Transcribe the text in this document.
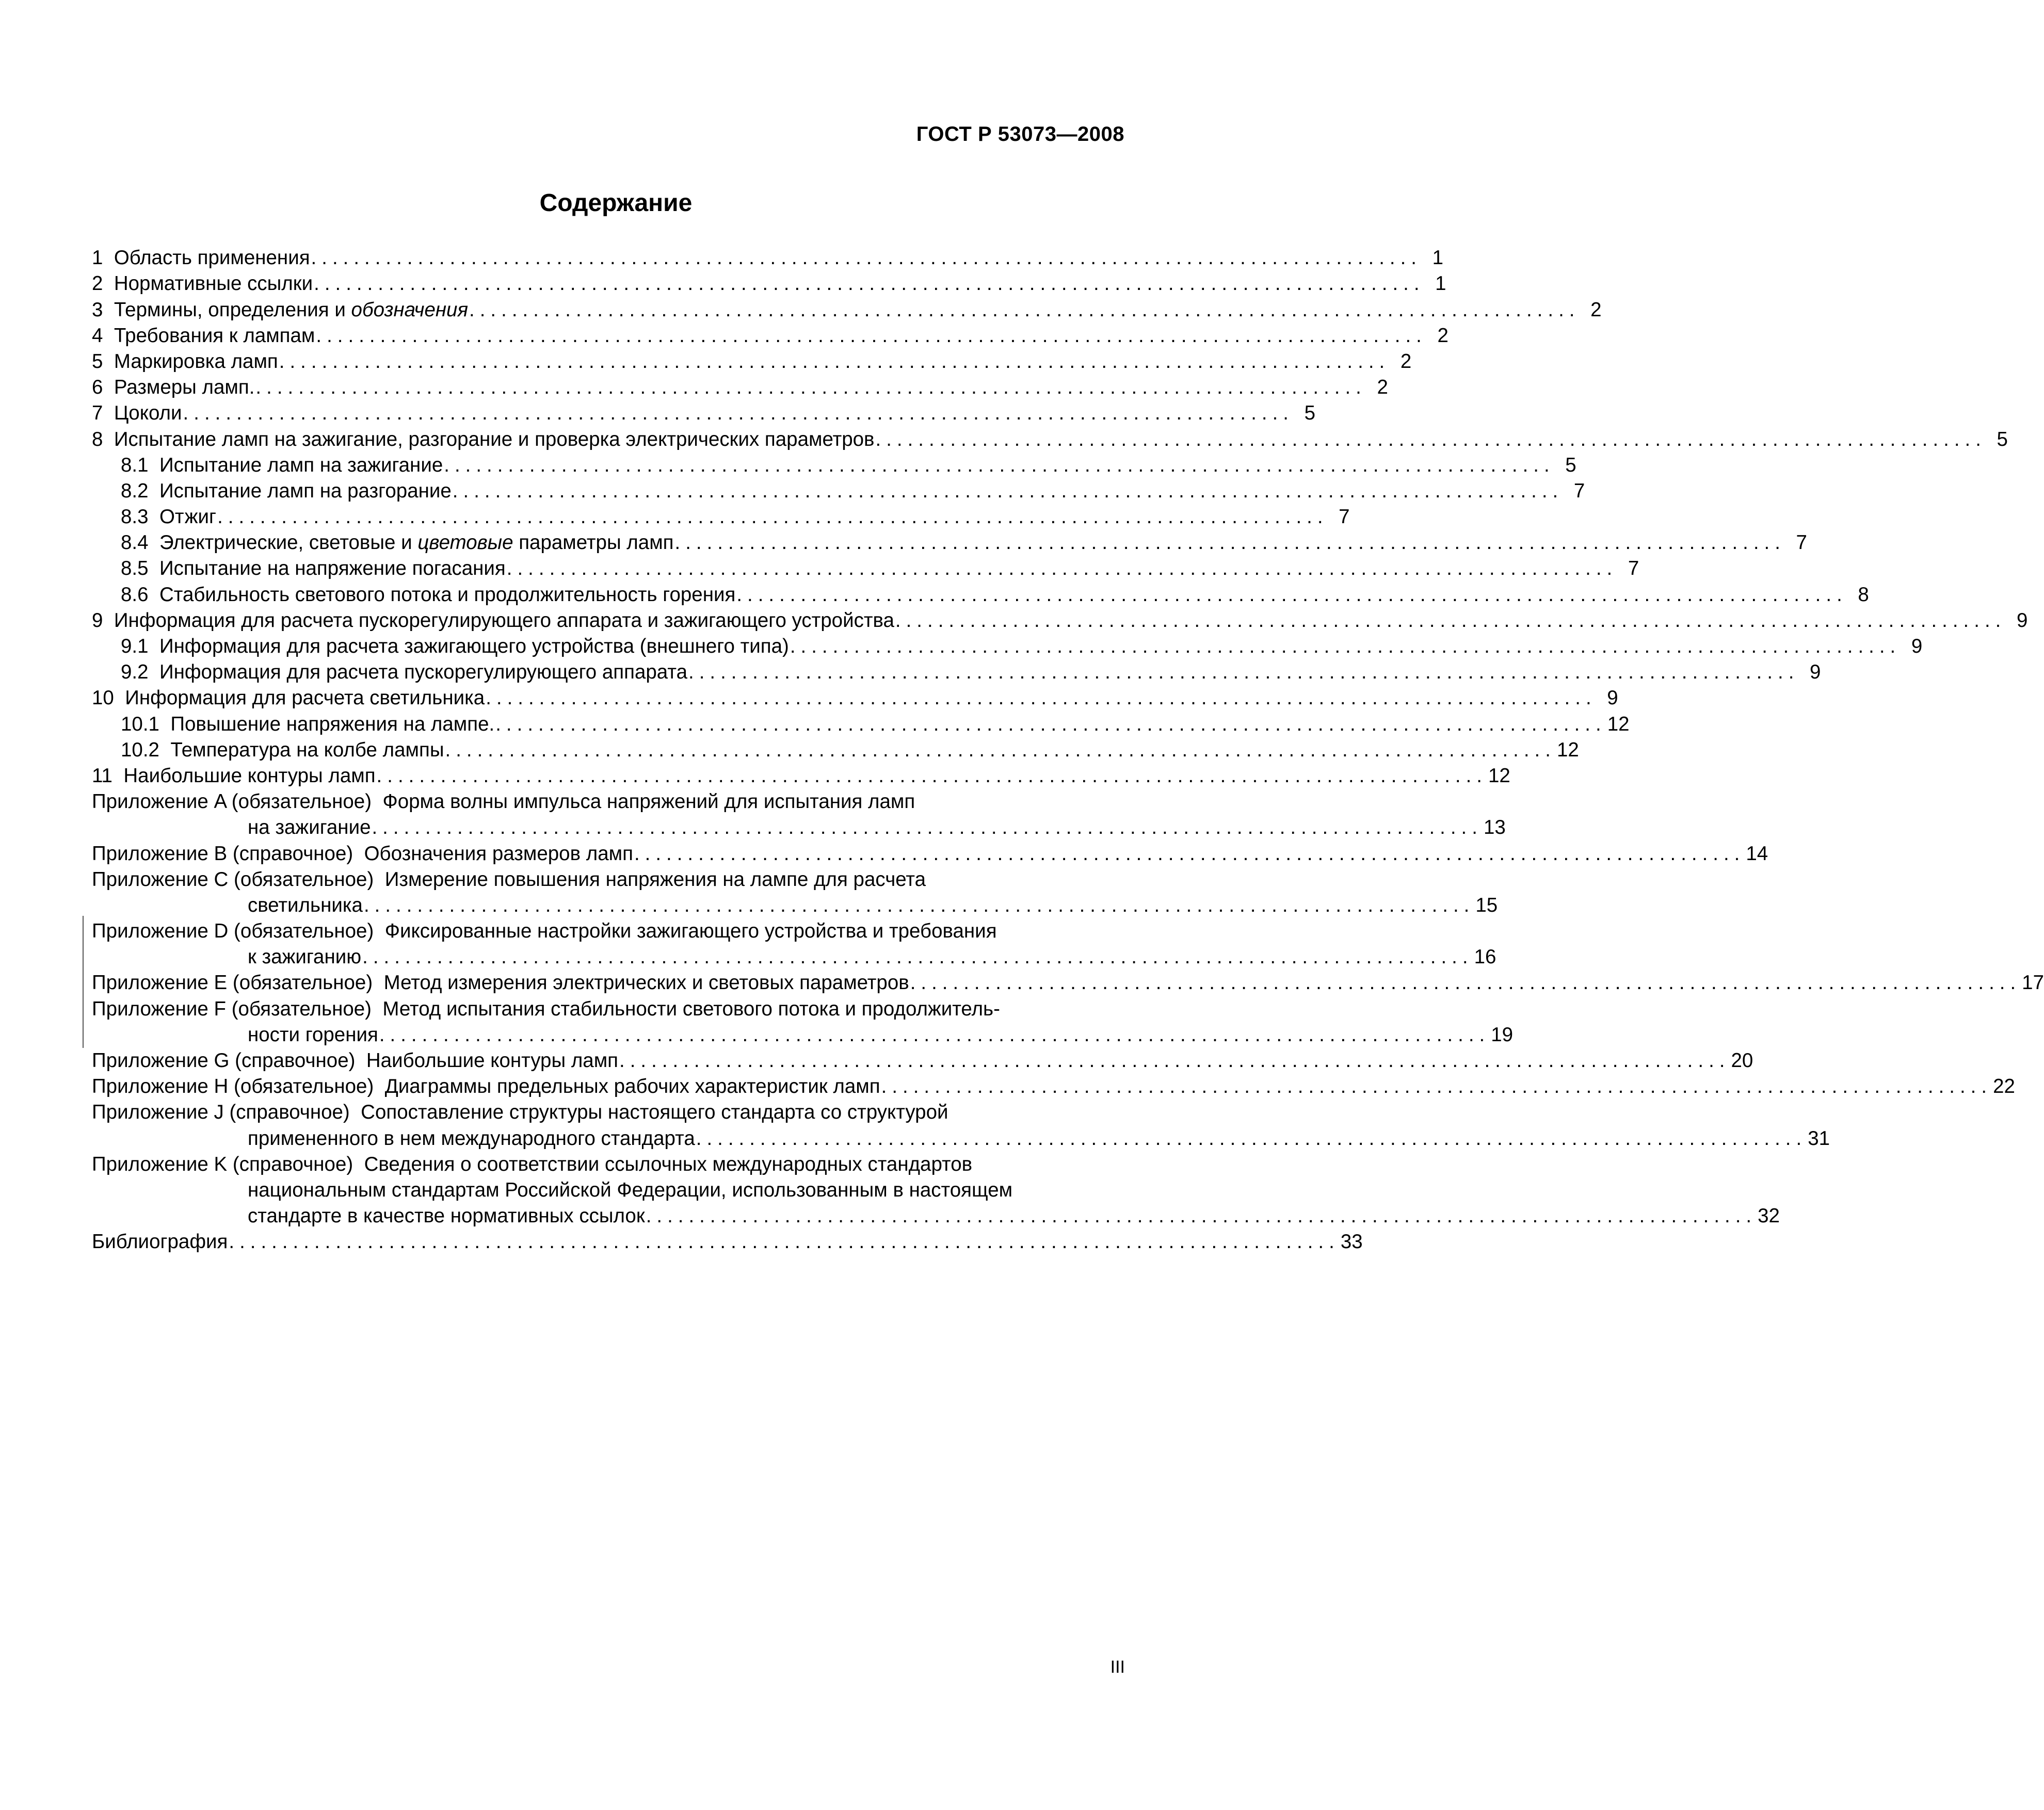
ГОСТ Р 53073—2008
Содержание
1
Область применения ........................................................................................................ 1
2
Нормативные ссылки ........................................................................................................ 1
3
Термины, определения и обозначения ........................................................................................................ 2
4
Требования к лампам ........................................................................................................ 2
5
Маркировка ламп ........................................................................................................ 2
6
Размеры ламп. ........................................................................................................ 2
7
Цоколи ........................................................................................................ 5
8
Испытание ламп на зажигание, разгорание и проверка электрических параметров ........................................................................................................ 5
8.1
Испытание ламп на зажигание ........................................................................................................ 5
8.2
Испытание ламп на разгорание ........................................................................................................ 7
8.3
Отжиг ........................................................................................................ 7
8.4
Электрические, световые и цветовые параметры ламп ........................................................................................................ 7
8.5
Испытание на напряжение погасания ........................................................................................................ 7
8.6
Стабильность светового потока и продолжительность горения ........................................................................................................ 8
9
Информация для расчета пускорегулирующего аппарата и зажигающего устройства ........................................................................................................ 9
9.1
Информация для расчета зажигающего устройства (внешнего типа) ........................................................................................................ 9
9.2
Информация для расчета пускорегулирующего аппарата ........................................................................................................ 9
10
Информация для расчета светильника ........................................................................................................ 9
10.1
Повышение напряжения на лампе. ........................................................................................................ 12
10.2
Температура на колбе лампы ........................................................................................................ 12
11
Наибольшие контуры ламп ........................................................................................................ 12
Приложение A (обязательное)
Форма волны импульса напряжений для испытания ламп
на зажигание ........................................................................................................ 13
Приложение B (справочное)
Обозначения размеров ламп ........................................................................................................ 14
Приложение C (обязательное)
Измерение повышения напряжения на лампе для расчета
светильника ........................................................................................................ 15
Приложение D (обязательное)
Фиксированные настройки зажигающего устройства и требования
к зажиганию ........................................................................................................ 16
Приложение E (обязательное)
Метод измерения электрических и световых параметров ........................................................................................................ 17
Приложение F (обязательное)
Метод испытания стабильности светового потока и продолжитель-
ности горения ........................................................................................................ 19
Приложение G (справочное)
Наибольшие контуры ламп ........................................................................................................ 20
Приложение H (обязательное)
Диаграммы предельных рабочих характеристик ламп ........................................................................................................ 22
Приложение J (справочное)
Сопоставление структуры настоящего стандарта со структурой
примененного в нем международного стандарта ........................................................................................................ 31
Приложение K (справочное)
Сведения о соответствии ссылочных международных стандартов
национальным стандартам Российской Федерации, использованным в настоящем
стандарте в качестве нормативных ссылок ........................................................................................................ 32
Библиография ........................................................................................................ 33
III
